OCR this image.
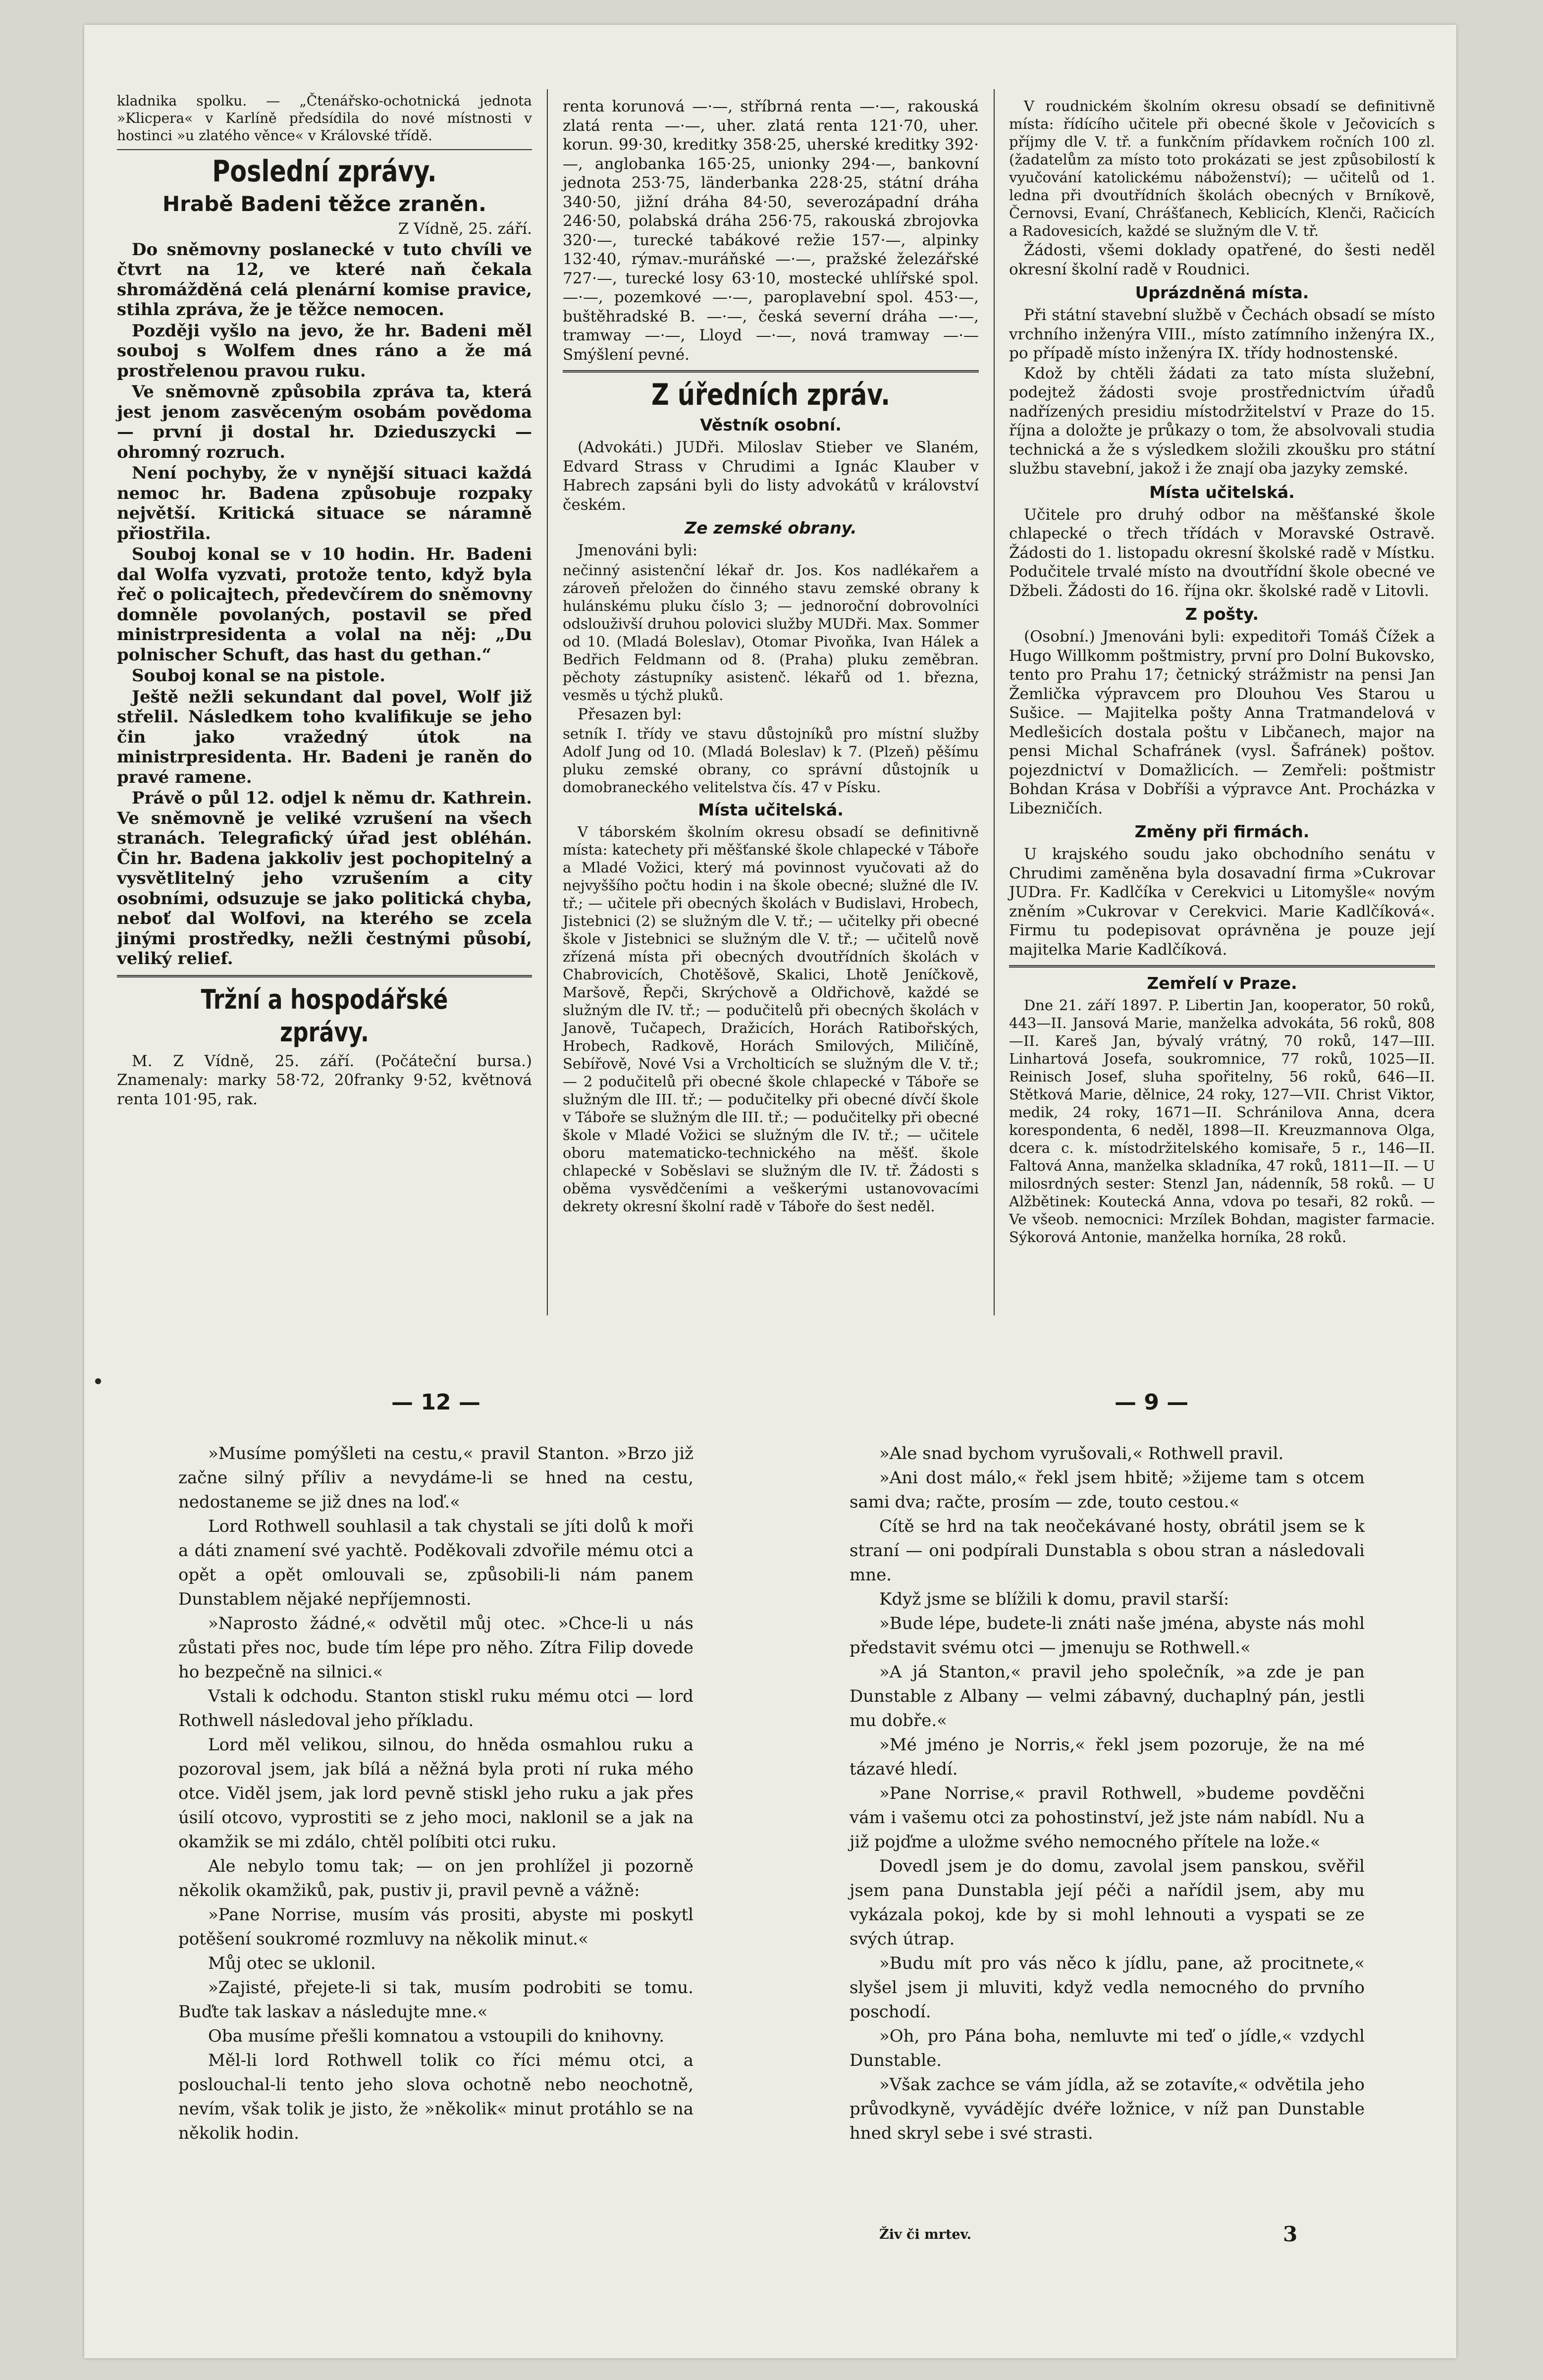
kladnika spolku. — „Čtenářsko-ochotnická jednota »Klicpera« v Karlíně předsídila do nové místnosti v hostinci »u zlatého věnce« v Královské třídě.

Poslední zprávy.
Hrabě Badeni těžce zraněn.

Z Vídně, 25. září.

Do sněmovny poslanecké v tuto chvíli ve čtvrt na 12, ve které naň čekala shromážděná celá plenární komise pravice, stihla zpráva, že je těžce nemocen.

Později vyšlo na jevo, že hr. Badeni měl souboj s Wolfem dnes ráno a že má prostřelenou pravou ruku.

Ve sněmovně způsobila zpráva ta, která jest jenom zasvěceným osobám povědoma — první ji dostal hr. Dzieduszycki — ohromný rozruch.

Není pochyby, že v nynější situaci každá nemoc hr. Badena způsobuje rozpaky největší. Kritická situace se náramně přiostřila.

Souboj konal se v 10 hodin. Hr. Badeni dal Wolfa vyzvati, protože tento, když byla řeč o policajtech, předevčírem do sněmovny domněle povolaných, postavil se před ministrpresidenta a volal na něj: „Du polnischer Schuft, das hast du gethan.“

Souboj konal se na pistole.

Ještě nežli sekundant dal povel, Wolf již střelil. Následkem toho kvalifikuje se jeho čin jako vražedný útok na ministrpresidenta. Hr. Badeni je raněn do pravé ramene.

Právě o půl 12. odjel k němu dr. Kathrein. Ve sněmovně je veliké vzrušení na všech stranách. Telegrafický úřad jest obléhán. Čin hr. Badena jakkoliv jest pochopitelný a vysvětlitelný jeho vzrušením a city osobními, odsuzuje se jako politická chyba, neboť dal Wolfovi, na kterého se zcela jinými prostředky, nežli čestnými působí, veliký relief.

Tržní a hospodářské zprávy.

M. Z Vídně, 25. září. (Počáteční bursa.) Znamenaly: marky 58·72, 20franky 9·52, květnová renta 101·95, rak.

renta korunová —·—, stříbrná renta —·—, rakouská zlatá renta —·—, uher. zlatá renta 121·70, uher. korun. 99·30, kreditky 358·25, uherské kreditky 392·—, anglobanka 165·25, unionky 294·—, bankovní jednota 253·75, länderbanka 228·25, státní dráha 340·50, jižní dráha 84·50, severozápadní dráha 246·50, polabská dráha 256·75, rakouská zbrojovka 320·—, turecké tabákové režie 157·—, alpinky 132·40, rýmav.-muráňské —·—, pražské železářské 727·—, turecké losy 63·10, mostecké uhlířské spol. —·—, pozemkové —·—, paroplavební spol. 453·—, buštěhradské B. —·—, česká severní dráha —·—, tramway —·—, Lloyd —·—, nová tramway —·— Smýšlení pevné.

Z úředních zpráv.
Věstník osobní.

(Advokáti.) JUDři. Miloslav Stieber ve Slaném, Edvard Strass v Chrudimi a Ignác Klauber v Habrech zapsáni byli do listy advokátů v království českém.

Ze zemské obrany.

Jmenováni byli:

nečinný asistenční lékař dr. Jos. Kos nadlékařem a zároveň přeložen do činného stavu zemské obrany k hulánskému pluku číslo 3; — jednoroční dobrovolníci odslouživší druhou polovici služby MUDři. Max. Sommer od 10. (Mladá Boleslav), Otomar Pivoňka, Ivan Hálek a Bedřich Feldmann od 8. (Praha) pluku zeměbran. pěchoty zástupníky asistenč. lékařů od 1. března, vesměs u týchž pluků.

Přesazen byl:

setník I. třídy ve stavu důstojníků pro místní služby Adolf Jung od 10. (Mladá Boleslav) k 7. (Plzeň) pěšímu pluku zemské obrany, co správní důstojník u domobraneckého velitelstva čís. 47 v Písku.

Místa učitelská.

V táborském školním okresu obsadí se definitivně místa: katechety při měšťanské škole chlapecké v Táboře a Mladé Vožici, který má povinnost vyučovati až do nejvyššího počtu hodin i na škole obecné; služné dle IV. tř.; — učitele při obecných školách v Budislavi, Hrobech, Jistebnici (2) se služným dle V. tř.; — učitelky při obecné škole v Jistebnici se služným dle V. tř.; — učitelů nově zřízená místa při obecných dvoutřídních školách v Chabrovicích, Chotěšově, Skalici, Lhotě Jeníčkově, Maršově, Řepči, Skrýchově a Oldřichově, každé se služným dle IV. tř.; — podučitelů při obecných školách v Janově, Tučapech, Dražicích, Horách Ratibořských, Hrobech, Radkově, Horách Smilových, Miličíně, Sebířově, Nové Vsi a Vrcholticích se služným dle V. tř.; — 2 podučitelů při obecné škole chlapecké v Táboře se služným dle III. tř.; — podučitelky při obecné dívčí škole v Táboře se služným dle III. tř.; — podučitelky při obecné škole v Mladé Vožici se služným dle IV. tř.; — učitele oboru matematicko-technického na měšť. škole chlapecké v Soběslavi se služným dle IV. tř. Žádosti s oběma vysvědčeními a veškerými ustanovovacími dekrety okresní školní radě v Táboře do šest neděl.

V roudnickém školním okresu obsadí se definitivně místa: řídícího učitele při obecné škole v Ječovicích s příjmy dle V. tř. a funkčním přídavkem ročních 100 zl. (žadatelům za místo toto prokázati se jest způsobilostí k vyučování katolickému náboženství); — učitelů od 1. ledna při dvoutřídních školách obecných v Brníkově, Černovsi, Evaní, Chrášťanech, Keblicích, Klenči, Račicích a Radovesicích, každé se služným dle V. tř.

Žádosti, všemi doklady opatřené, do šesti neděl okresní školní radě v Roudnici.

Uprázdněná místa.

Při státní stavební službě v Čechách obsadí se místo vrchního inženýra VIII., místo zatímního inženýra IX., po případě místo inženýra IX. třídy hodnostenské.

Kdož by chtěli žádati za tato místa služební, podejtež žádosti svoje prostřednictvím úřadů nadřízených presidiu místodržitelství v Praze do 15. října a doložte je průkazy o tom, že absolvovali studia technická a že s výsledkem složili zkoušku pro státní službu stavební, jakož i že znají oba jazyky zemské.

Místa učitelská.

Učitele pro druhý odbor na měšťanské škole chlapecké o třech třídách v Moravské Ostravě. Žádosti do 1. listopadu okresní školské radě v Místku. Podučitele trvalé místo na dvoutřídní škole obecné ve Džbeli. Žádosti do 16. října okr. školské radě v Litovli.

Z pošty.

(Osobní.) Jmenováni byli: expeditoři Tomáš Čížek a Hugo Willkomm poštmistry, první pro Dolní Bukovsko, tento pro Prahu 17; četnický strážmistr na pensi Jan Žemlička výpravcem pro Dlouhou Ves Starou u Sušice. — Majitelka pošty Anna Tratmandelová v Medlešicích dostala poštu v Libčanech, major na pensi Michal Schafránek (vysl. Šafránek) poštov. pojezdnictví v Domažlicích. — Zemřeli: poštmistr Bohdan Krása v Dobříši a výpravce Ant. Procházka v Libezničích.

Změny při firmách.

U krajského soudu jako obchodního senátu v Chrudimi zaměněna byla dosavadní firma »Cukrovar JUDra. Fr. Kadlčíka v Cerekvici u Litomyšle« novým zněním »Cukrovar v Cerekvici. Marie Kadlčíková«. Firmu tu podepisovat oprávněna je pouze její majitelka Marie Kadlčíková.

Zemřelí v Praze.

Dne 21. září 1897. P. Libertin Jan, kooperator, 50 roků, 443—II. Jansová Marie, manželka advokáta, 56 roků, 808—II. Kareš Jan, bývalý vrátný, 70 roků, 147—III. Linhartová Josefa, soukromnice, 77 roků, 1025—II. Reinisch Josef, sluha spořitelny, 56 roků, 646—II. Stětková Marie, dělnice, 24 roky, 127—VII. Christ Viktor, medik, 24 roky, 1671—II. Schránilova Anna, dcera korespondenta, 6 neděl, 1898—II. Kreuzmannova Olga, dcera c. k. místodržitelského komisaře, 5 r., 146—II. Faltová Anna, manželka skladníka, 47 roků, 1811—II. — U milosrdných sester: Stenzl Jan, nádenník, 58 roků. — U Alžbětinek: Koutecká Anna, vdova po tesaři, 82 roků. — Ve všeob. nemocnici: Mrzílek Bohdan, magister farmacie. Sýkorová Antonie, manželka horníka, 28 roků.

— 12 —	— 9 —

»Musíme pomýšleti na cestu,« pravil Stanton. »Brzo již začne silný příliv a nevydáme-li se hned na cestu, nedostaneme se již dnes na loď.«

Lord Rothwell souhlasil a tak chystali se jíti dolů k moři a dáti znamení své yachtě. Poděkovali zdvořile mému otci a opět a opět omlouvali se, způsobili-li nám panem Dunstablem nějaké nepříjemnosti.

»Naprosto žádné,« odvětil můj otec. »Chce-li u nás zůstati přes noc, bude tím lépe pro něho. Zítra Filip dovede ho bezpečně na silnici.«

Vstali k odchodu. Stanton stiskl ruku mému otci — lord Rothwell následoval jeho příkladu.

Lord měl velikou, silnou, do hněda osmahlou ruku a pozoroval jsem, jak bílá a něžná byla proti ní ruka mého otce. Viděl jsem, jak lord pevně stiskl jeho ruku a jak přes úsilí otcovo, vyprostiti se z jeho moci, naklonil se a jak na okamžik se mi zdálo, chtěl políbiti otci ruku.

Ale nebylo tomu tak; — on jen prohlížel ji pozorně několik okamžiků, pak, pustiv ji, pravil pevně a vážně:

»Pane Norrise, musím vás prositi, abyste mi poskytl potěšení soukromé rozmluvy na několik minut.«

Můj otec se uklonil.

»Zajisté, přejete-li si tak, musím podrobiti se tomu. Buďte tak laskav a následujte mne.«

Oba musíme přešli komnatou a vstoupili do knihovny.

Měl-li lord Rothwell tolik co říci mému otci, a poslouchal-li tento jeho slova ochotně nebo neochotně, nevím, však tolik je jisto, že »několik« minut protáhlo se na několik hodin.

»Ale snad bychom vyrušovali,« Rothwell pravil.

»Ani dost málo,« řekl jsem hbitě; »žijeme tam s otcem sami dva; račte, prosím — zde, touto cestou.«

Cítě se hrd na tak neočekávané hosty, obrátil jsem se k straní — oni podpírali Dunstabla s obou stran a následovali mne.

Když jsme se blížili k domu, pravil starší:

»Bude lépe, budete-li znáti naše jména, abyste nás mohl představit svému otci — jmenuju se Rothwell.«

»A já Stanton,« pravil jeho společník, »a zde je pan Dunstable z Albany — velmi zábavný, duchaplný pán, jestli mu dobře.«

»Mé jméno je Norris,« řekl jsem pozoruje, že na mé tázavé hledí.

»Pane Norrise,« pravil Rothwell, »budeme povděčni vám i vašemu otci za pohostinství, jež jste nám nabídl. Nu a již pojďme a uložme svého nemocného přítele na lože.«

Dovedl jsem je do domu, zavolal jsem panskou, svěřil jsem pana Dunstabla její péči a nařídil jsem, aby mu vykázala pokoj, kde by si mohl lehnouti a vyspati se ze svých útrap.

»Budu mít pro vás něco k jídlu, pane, až procitnete,« slyšel jsem ji mluviti, když vedla nemocného do prvního poschodí.

»Oh, pro Pána boha, nemluvte mi teď o jídle,« vzdychl Dunstable.

»Však zachce se vám jídla, až se zotavíte,« odvětila jeho průvodkyně, vyvádějíc dvéře ložnice, v níž pan Dunstable hned skryl sebe i své strasti.

Živ či mrtev.	3
